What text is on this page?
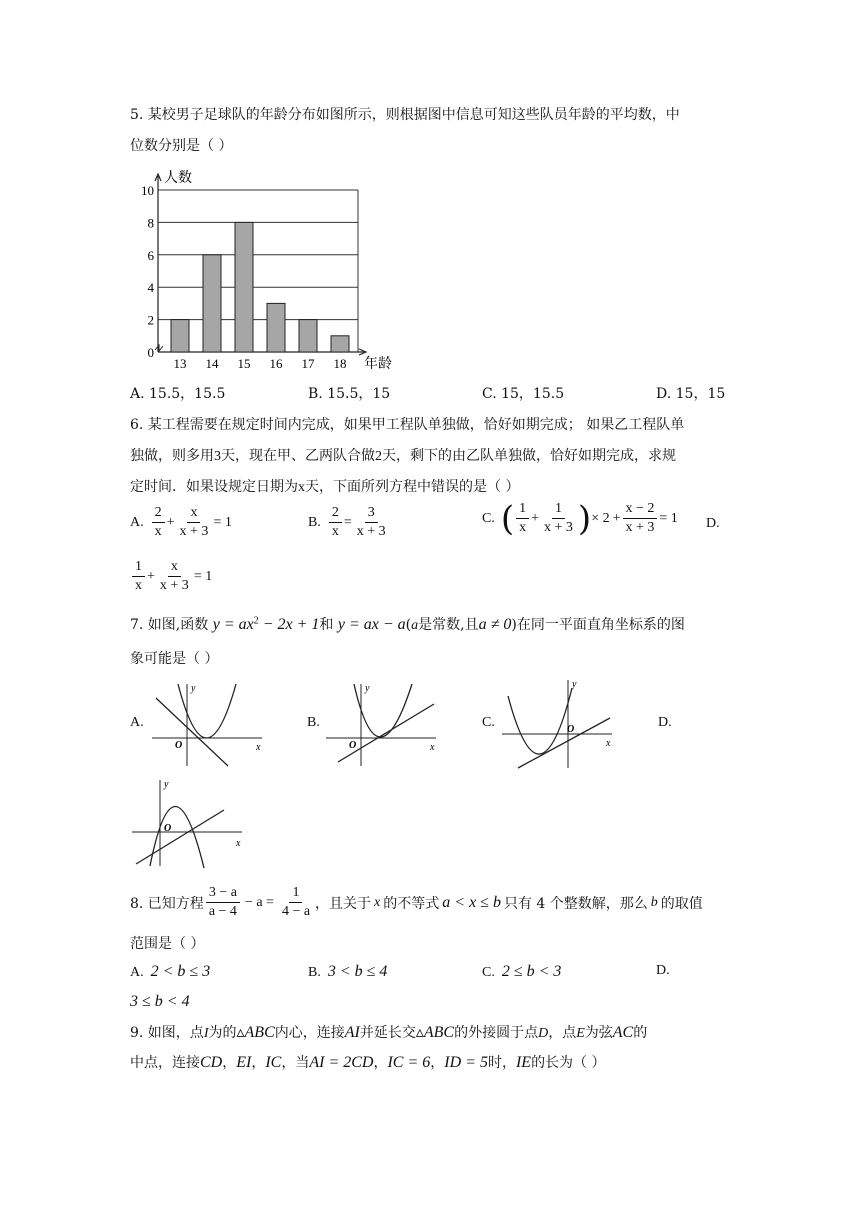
5. 某校男子足球队的年龄分布如图所示，则根据图中信息可知这些队员年龄的平均数，中
位数分别是（ ）
0
2
4
6
8
10
人数
年龄
13 14 15 16 17 18
A. 15.5，15.5	B. 15.5，15	C. 15，15.5	D. 15，15
6. 某工程需要在规定时间内完成，如果甲工程队单独做，恰好如期完成； 如果乙工程队单
独做，则多用3天，现在甲、乙两队合做2天，剩下的由乙队单独做，恰好如期完成，求规
定时间．如果设规定日期为x天，下面所列方程中错误的是（ ）
A. $\frac{2}{x} + \frac{x}{x + 3} = 1$	B. $\frac{2}{x} = \frac{3}{x + 3}$	C. ( $\frac{1}{x} + \frac{1}{x + 3}$ ) × $2 + \frac{x - 2}{x + 3} = 1$ D.
$\frac{1}{x} + \frac{x}{x + 3} = 1$
7. 如图,函数 $y = ax^2 - 2x + 1$和 y = ax − a(a是常数,且a ≠ 0)在同一平面直角坐标系的图
象可能是（ ）
A.	B.	C.	D.
y
x
O
y
x
O
y
x
O
y
x
O
8. 已知方程 $\frac{3 - a}{a - 4} - a = \frac{1}{4 - a}$ ，且关于 x 的不等式 a < x ≤ b 只有 4 个整数解，那么 b 的取值
范围是（ ）
A. 2 < b ≤ 3	B. 3 < b ≤ 4	C. 2 ≤ b < 3	D.
3 ≤ b < 4
9. 如图，点I为的▵ABC内心，连接AI并延长交▵ABC的外接圆于点D，点E为弦AC的
中点，连接CD，EI，IC，当AI = 2CD，IC = 6，ID = 5时，IE的长为（ ）
